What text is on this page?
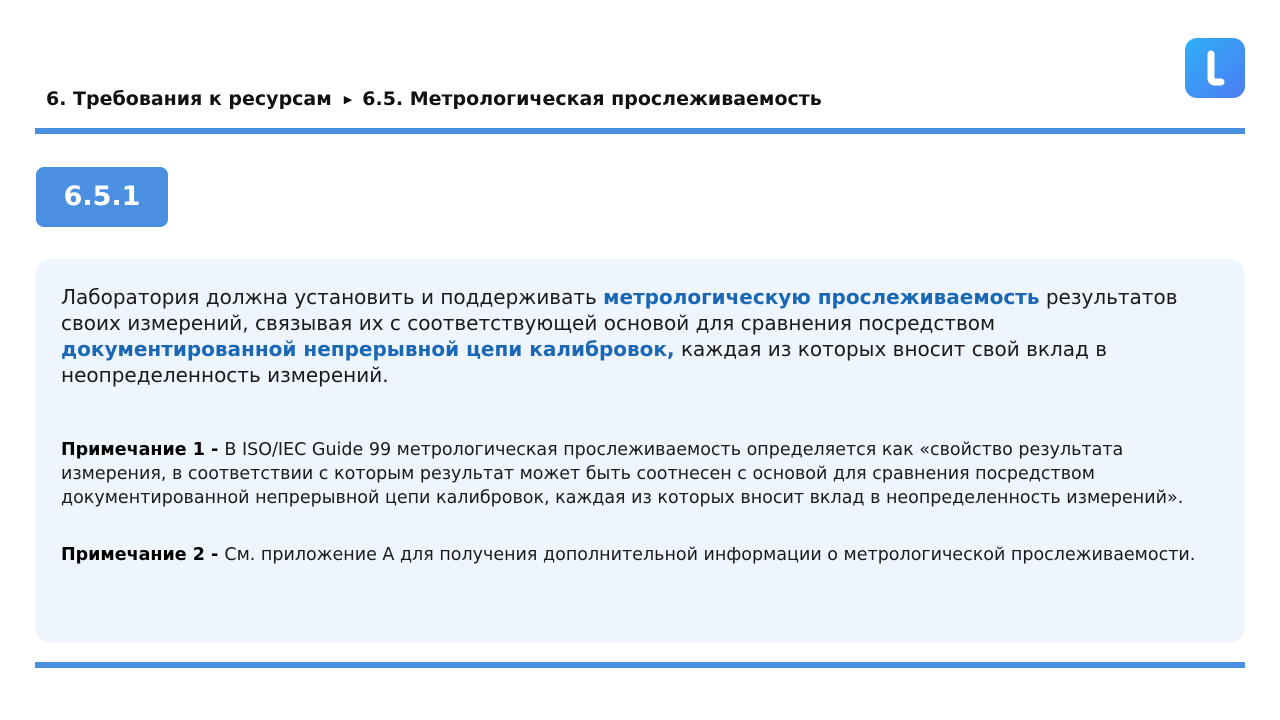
6. Требования к ресурсам ▶ 6.5. Метрологическая прослеживаемость
6.5.1

Лаборатория должна установить и поддерживать метрологическую прослеживаемость результатов своих измерений, связывая их с соответствующей основой для сравнения посредством документированной непрерывной цепи калибровок, каждая из которых вносит свой вклад в неопределенность измерений.

Примечание 1 - В ISO/IEC Guide 99 метрологическая прослеживаемость определяется как «свойство результата измерения, в соответствии с которым результат может быть соотнесен с основой для сравнения посредством документированной непрерывной цепи калибровок, каждая из которых вносит вклад в неопределенность измерений».

Примечание 2 - См. приложение А для получения дополнительной информации о метрологической прослеживаемости.
